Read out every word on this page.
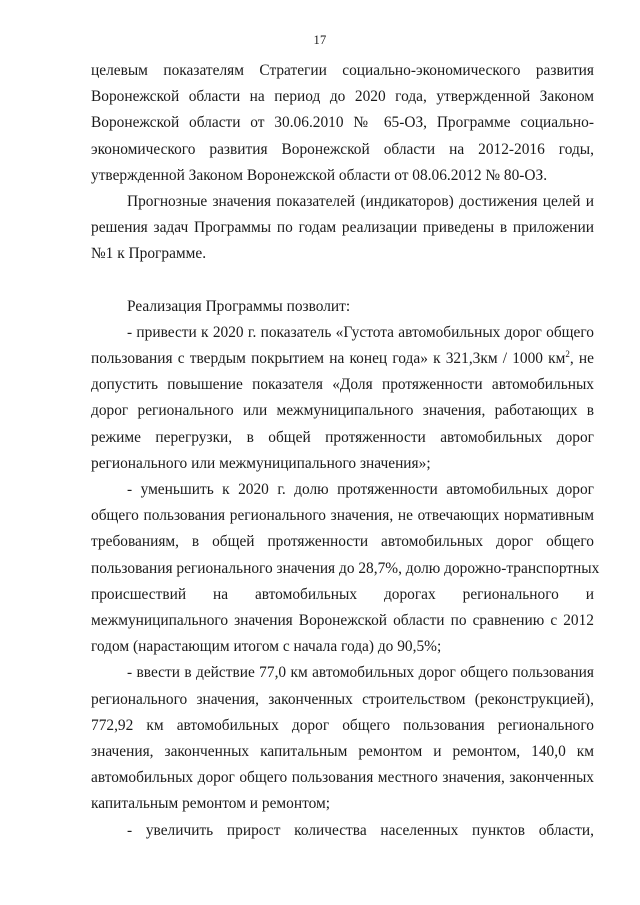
17
целевым показателям Стратегии социально-экономического развития
Воронежской области на период до 2020 года, утвержденной Законом
Воронежской области от 30.06.2010 № 65-ОЗ, Программе социально-
экономического развития Воронежской области на 2012-2016 годы,
утвержденной Законом Воронежской области от 08.06.2012 № 80-ОЗ.
Прогнозные значения показателей (индикаторов) достижения целей и
решения задач Программы по годам реализации приведены в приложении
№1 к Программе.
Реализация Программы позволит:
- привести к 2020 г. показатель «Густота автомобильных дорог общего
пользования с твердым покрытием на конец года» к 321,3км / 1000 $км^2$, не
допустить повышение показателя «Доля протяженности автомобильных
дорог регионального или межмуниципального значения, работающих в
режиме перегрузки, в общей протяженности автомобильных дорог
регионального или межмуниципального значения»;
- уменьшить к 2020 г. долю протяженности автомобильных дорог
общего пользования регионального значения, не отвечающих нормативным
требованиям, в общей протяженности автомобильных дорог общего
пользования регионального значения до 28,7%, долю дорожно-транспортных
происшествий на автомобильных дорогах регионального и
межмуниципального значения Воронежской области по сравнению с 2012
годом (нарастающим итогом с начала года) до 90,5%;
- ввести в действие 77,0 км автомобильных дорог общего пользования
регионального значения, законченных строительством (реконструкцией),
772,92 км автомобильных дорог общего пользования регионального
значения, законченных капитальным ремонтом и ремонтом, 140,0 км
автомобильных дорог общего пользования местного значения, законченных
капитальным ремонтом и ремонтом;
- увеличить прирост количества населенных пунктов области,
